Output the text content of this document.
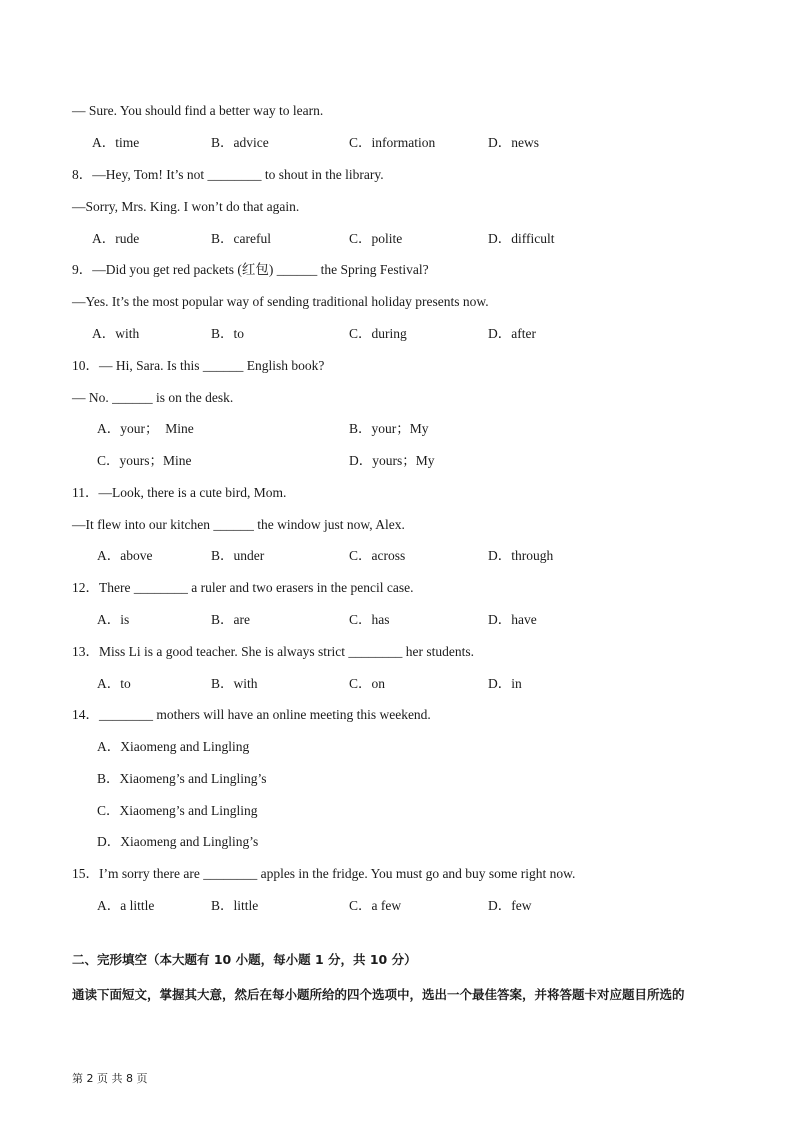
— Sure. You should find a better way to learn.
A．time	B．advice	C．information	D．news
8．—Hey, Tom! It’s not ________ to shout in the library.
—Sorry, Mrs. King. I won’t do that again.
A．rude	B．careful	C．polite	D．difficult
9．—Did you get red packets (红包) ______ the Spring Festival?
—Yes. It’s the most popular way of sending traditional holiday presents now.
A．with	B．to	C．during	D．after
10．— Hi, Sara. Is this ______ English book?
— No. ______ is on the desk.
A．your；  Mine	B．your；My
C．yours；Mine	D．yours；My
11．—Look, there is a cute bird, Mom.
—It flew into our kitchen ______ the window just now, Alex.
A．above	B．under	C．across	D．through
12．There ________ a ruler and two erasers in the pencil case.
A．is	B．are	C．has	D．have
13．Miss Li is a good teacher. She is always strict ________ her students.
A．to	B．with	C．on	D．in
14．________ mothers will have an online meeting this weekend.
A．Xiaomeng and Lingling
B．Xiaomeng’s and Lingling’s
C．Xiaomeng’s and Lingling
D．Xiaomeng and Lingling’s
15．I’m sorry there are ________ apples in the fridge. You must go and buy some right now.
A．a little	B．little	C．a few	D．few
二、完形填空（本大题有 10 小题，每小题 1 分，共 10 分）
通读下面短文，掌握其大意，然后在每小题所给的四个选项中，选出一个最佳答案，并将答题卡对应题目所选的
第 2 页 共 8 页
